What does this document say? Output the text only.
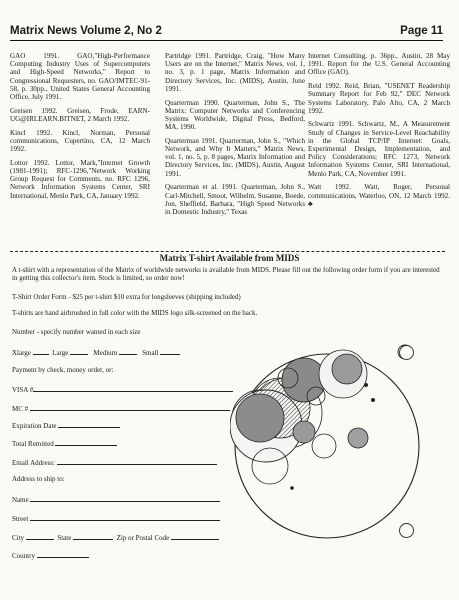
Matrix News Volume 2, No 2	Page 11

GAO 1991. GAO,"High-Performance Computing Industry Uses of Supercomputers and High-Speed Networks," Report to Congressional Requesters, no. GAO/IMTEC-91-58, p. 30pp., United States General Accounting Office, July 1991.

Greisen 1992. Greisen, Frode, EARN-UG@IRLEARN.BITNET, 2 March 1992.

Kincl 1992. Kincl, Norman, Personal communications, Cupertino, CA, 12 March 1992.

Lottor 1992. Lottor, Mark,"Internet Growth (1981-1991); RFC-1296,"Network Working Group Request for Comments, no. RFC 1296, Network Information Systems Center, SRI International, Menlo Park, CA, January 1992.

Partridge 1991. Partridge, Craig, "How Many Users are on the Internet," Matrix News, vol. 1, no. 3, p. 1 page, Matrix Information and Directory Services, Inc. (MIDS), Austin, June 1991.

Quarterman 1990. Quarterman, John S., The Matrix: Computer Networks and Conferencing Systems Worldwide, Digital Press, Bedford, MA, 1990.

Quarterman 1991. Quarterman, John S., "Which Network, and Why It Matters," Matrix News, vol. 1, no. 5, p. 8 pages, Matrix Information and Directory Services, Inc. (MIDS), Austin, August 1991.

Quarterman et al. 1991. Quarterman, John S., Carl-Mitchell, Smoot, Wilhelm, Susanne, Boede, Jon, Sheffield, Barbara, "High Speed Networks in Domestic Industry," Texas

Internet Consulting, p. 36pp., Austin, 28 May 1991. Report for the U.S. General Accounting Office (GAO).

Reid 1992. Reid, Brian, "USENET Readership Summary Report for Feb 92," DEC Network Systems Laboratory, Palo Alto, CA, 2 March 1992.

Schwartz 1991. Schwartz, M., A Measurement Study of Changes in Service-Level Reachability in the Global TCP/IP Internet: Goals, Experimental Design, Implementation, and Policy Considerations; RFC 1273, Network Information Systems Center, SRI International, Menlo Park, CA, November 1991.

Watt 1992. Watt, Roger, Personal communications, Waterloo, ON, 12 March 1992. ♣

Matrix T-shirt Available from MIDS
A t-shirt with a representation of the Matrix of worldwide networks is available from MIDS. Please fill out the following order form if you are interested in getting this collector's item. Stock is limited, so order now!
T-Shirt Order Form - $25 per t-shirt $10 extra for longsleeves (shipping included)
T-shirts are hand airbrushed in full color with the MIDS logo silk-screened on the back.
Number - specify number wanted in each size
Xlarge	Large	Medium	Small
Payment by check, money order, or:
VISA #
MC #
Expiration Date
Total Remitted
Email Address:
Address to ship to:
Name
Street
City	State	Zip or Postal Code
Country
